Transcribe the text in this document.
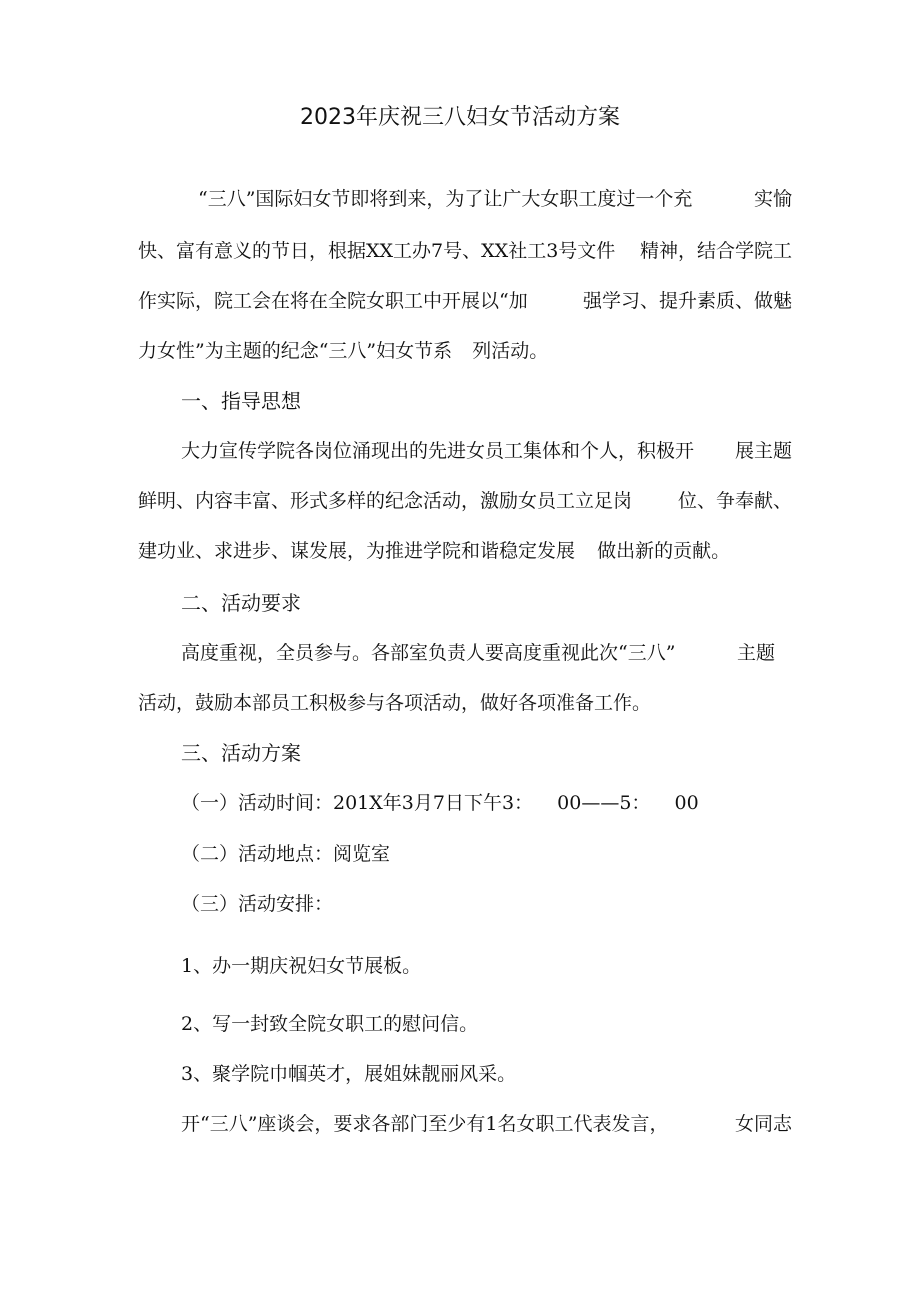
2023年庆祝三八妇女节活动方案
“三八”国际妇女节即将到来，为了让广大女职工度过一个充	实愉
快、富有意义的节日，根据XX工办7号、XX社工3号文件 精神，结合学院工
作实际，院工会在将在全院女职工中开展以“加	强学习、提升素质、做魅
力女性”为主题的纪念“三八”妇女节系 列活动。
一、指导思想
大力宣传学院各岗位涌现出的先进女员工集体和个人，积极开 展主题
鲜明、内容丰富、形式多样的纪念活动，激励女员工立足岗 位、争奉献、
建功业、求进步、谋发展，为推进学院和谐稳定发展 做出新的贡献。
二、活动要求
高度重视，全员参与。各部室负责人要高度重视此次“三八”	主题
活动，鼓励本部员工积极参与各项活动，做好各项准备工作。
三、活动方案
（一）活动时间：201X年3月7日下午3： 00——5： 00
（二）活动地点：阅览室
（三）活动安排：
1、办一期庆祝妇女节展板。
2、写一封致全院女职工的慰问信。
3、聚学院巾帼英才，展姐妹靓丽风采。
开“三八”座谈会，要求各部门至少有1名女职工代表发言，	女同志
